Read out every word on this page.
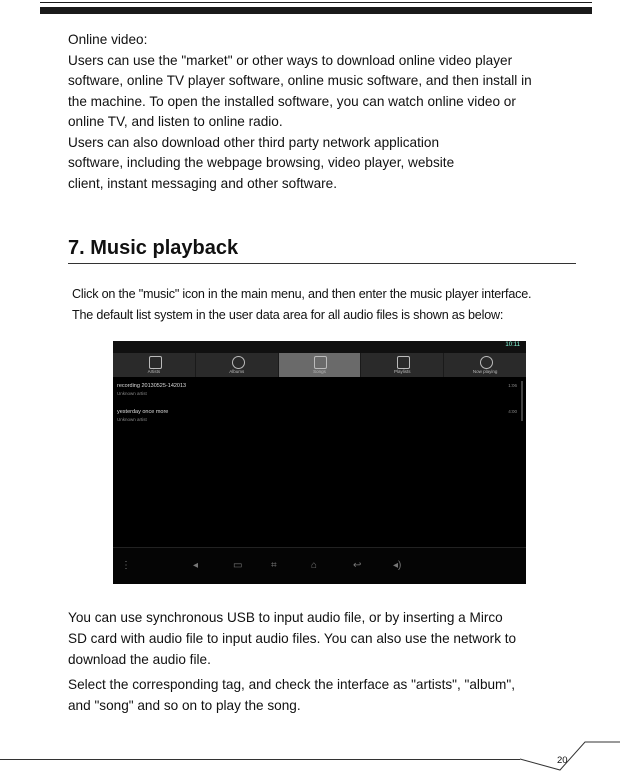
Online video:

Users can use the "market" or other ways to download online video player

software, online TV player software, online music software, and then install in

the machine. To open the installed software, you can watch online video or

online TV, and listen to online radio.

Users can also download other third party network application

software, including the webpage browsing, video player, website

client, instant messaging and other software.

7. Music playback
Click on the "music" icon in the main menu, and then enter the music player interface.
The default list system in the user data area for all audio files is shown as below:
10:11
Artists	Albums	Songs	Playlists	Now playing
recording 20130525-142013
Unknown artist
1:06
yesterday once more
Unknown artist
4:00
⋮	◂	▭	⌗	⌂	↩	◂)

You can use synchronous USB to input audio file, or by inserting a Mirco

SD card with audio file to input audio files. You can also use the network to

download the audio file.

Select the corresponding tag, and check the interface as "artists", "album",

and "song" and so on to play the song.

20
